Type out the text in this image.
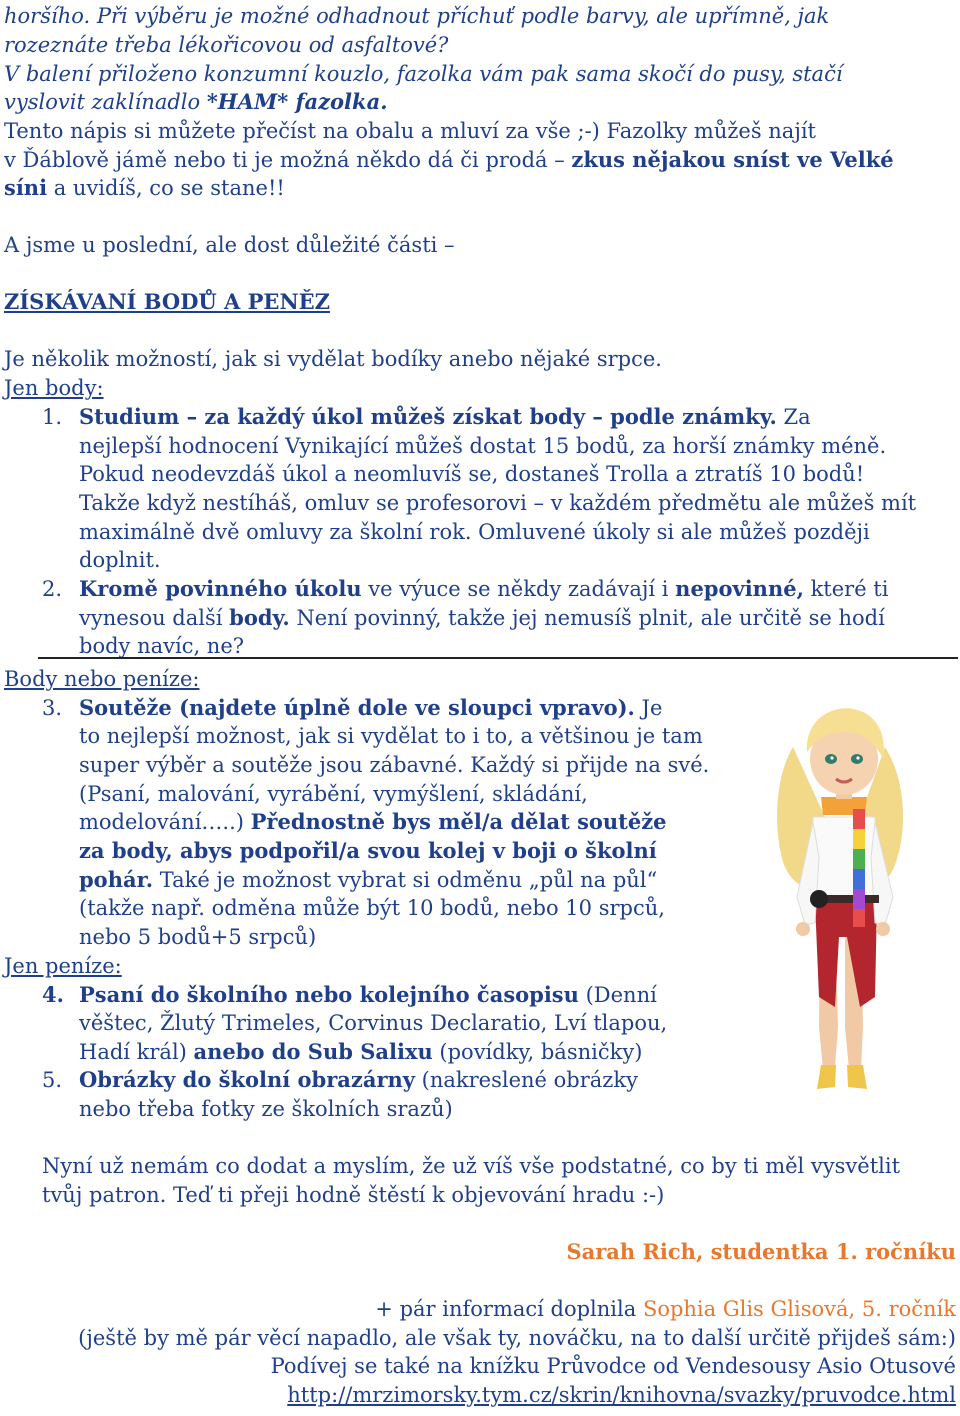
horšího. Při výběru je možné odhadnout příchuť podle barvy, ale upřímně, jak
rozeznáte třeba lékořicovou od asfaltové?
V balení přiloženo konzumní kouzlo, fazolka vám pak sama skočí do pusy, stačí
vyslovit zaklínadlo *HAM* fazolka.
Tento nápis si můžete přečíst na obalu a mluví za vše ;-) Fazolky můžeš najít
v Ďáblově jámě nebo ti je možná někdo dá či prodá – zkus nějakou sníst ve Velké
síni a uvidíš, co se stane!!
A jsme u poslední, ale dost důležité části –
ZÍSKÁVANÍ BODŮ A PENĚZ
Je několik možností, jak si vydělat bodíky anebo nějaké srpce.
Jen body:
1. Studium – za každý úkol můžeš získat body – podle známky. Za
nejlepší hodnocení Vynikající můžeš dostat 15 bodů, za horší známky méně.
Pokud neodevzdáš úkol a neomluvíš se, dostaneš Trolla a ztratíš 10 bodů!
Takže když nestíháš, omluv se profesorovi – v každém předmětu ale můžeš mít
maximálně dvě omluvy za školní rok. Omluvené úkoly si ale můžeš později
doplnit.
2. Kromě povinného úkolu ve výuce se někdy zadávají i nepovinné, které ti
vynesou další body. Není povinný, takže jej nemusíš plnit, ale určitě se hodí
body navíc, ne?
Body nebo peníze:
3. Soutěže (najdete úplně dole ve sloupci vpravo). Je
to nejlepší možnost, jak si vydělat to i to, a většinou je tam
super výběr a soutěže jsou zábavné. Každý si přijde na své.
(Psaní, malování, vyrábění, vymýšlení, skládání,
modelování…..) Přednostně bys měl/a dělat soutěže
za body, abys podpořil/a svou kolej v boji o školní
pohár. Také je možnost vybrat si odměnu „půl na půl“
(takže např. odměna může být 10 bodů, nebo 10 srpců,
nebo 5 bodů+5 srpců)
Jen peníze:
4. Psaní do školního nebo kolejního časopisu (Denní
věštec, Žlutý Trimeles, Corvinus Declaratio, Lví tlapou,
Hadí král) anebo do Sub Salixu (povídky, básničky)
5. Obrázky do školní obrazárny (nakreslené obrázky
nebo třeba fotky ze školních srazů)
Nyní už nemám co dodat a myslím, že už víš vše podstatné, co by ti měl vysvětlit
tvůj patron. Teď ti přeji hodně štěstí k objevování hradu :-)
Sarah Rich, studentka 1. ročníku
+ pár informací doplnila Sophia Glis Glisová, 5. ročník
(ještě by mě pár věcí napadlo, ale však ty, nováčku, na to další určitě přijdeš sám:)
Podívej se také na knížku Průvodce od Vendesousy Asio Otusové
http://mrzimorsky.tym.cz/skrin/knihovna/svazky/pruvodce.html
